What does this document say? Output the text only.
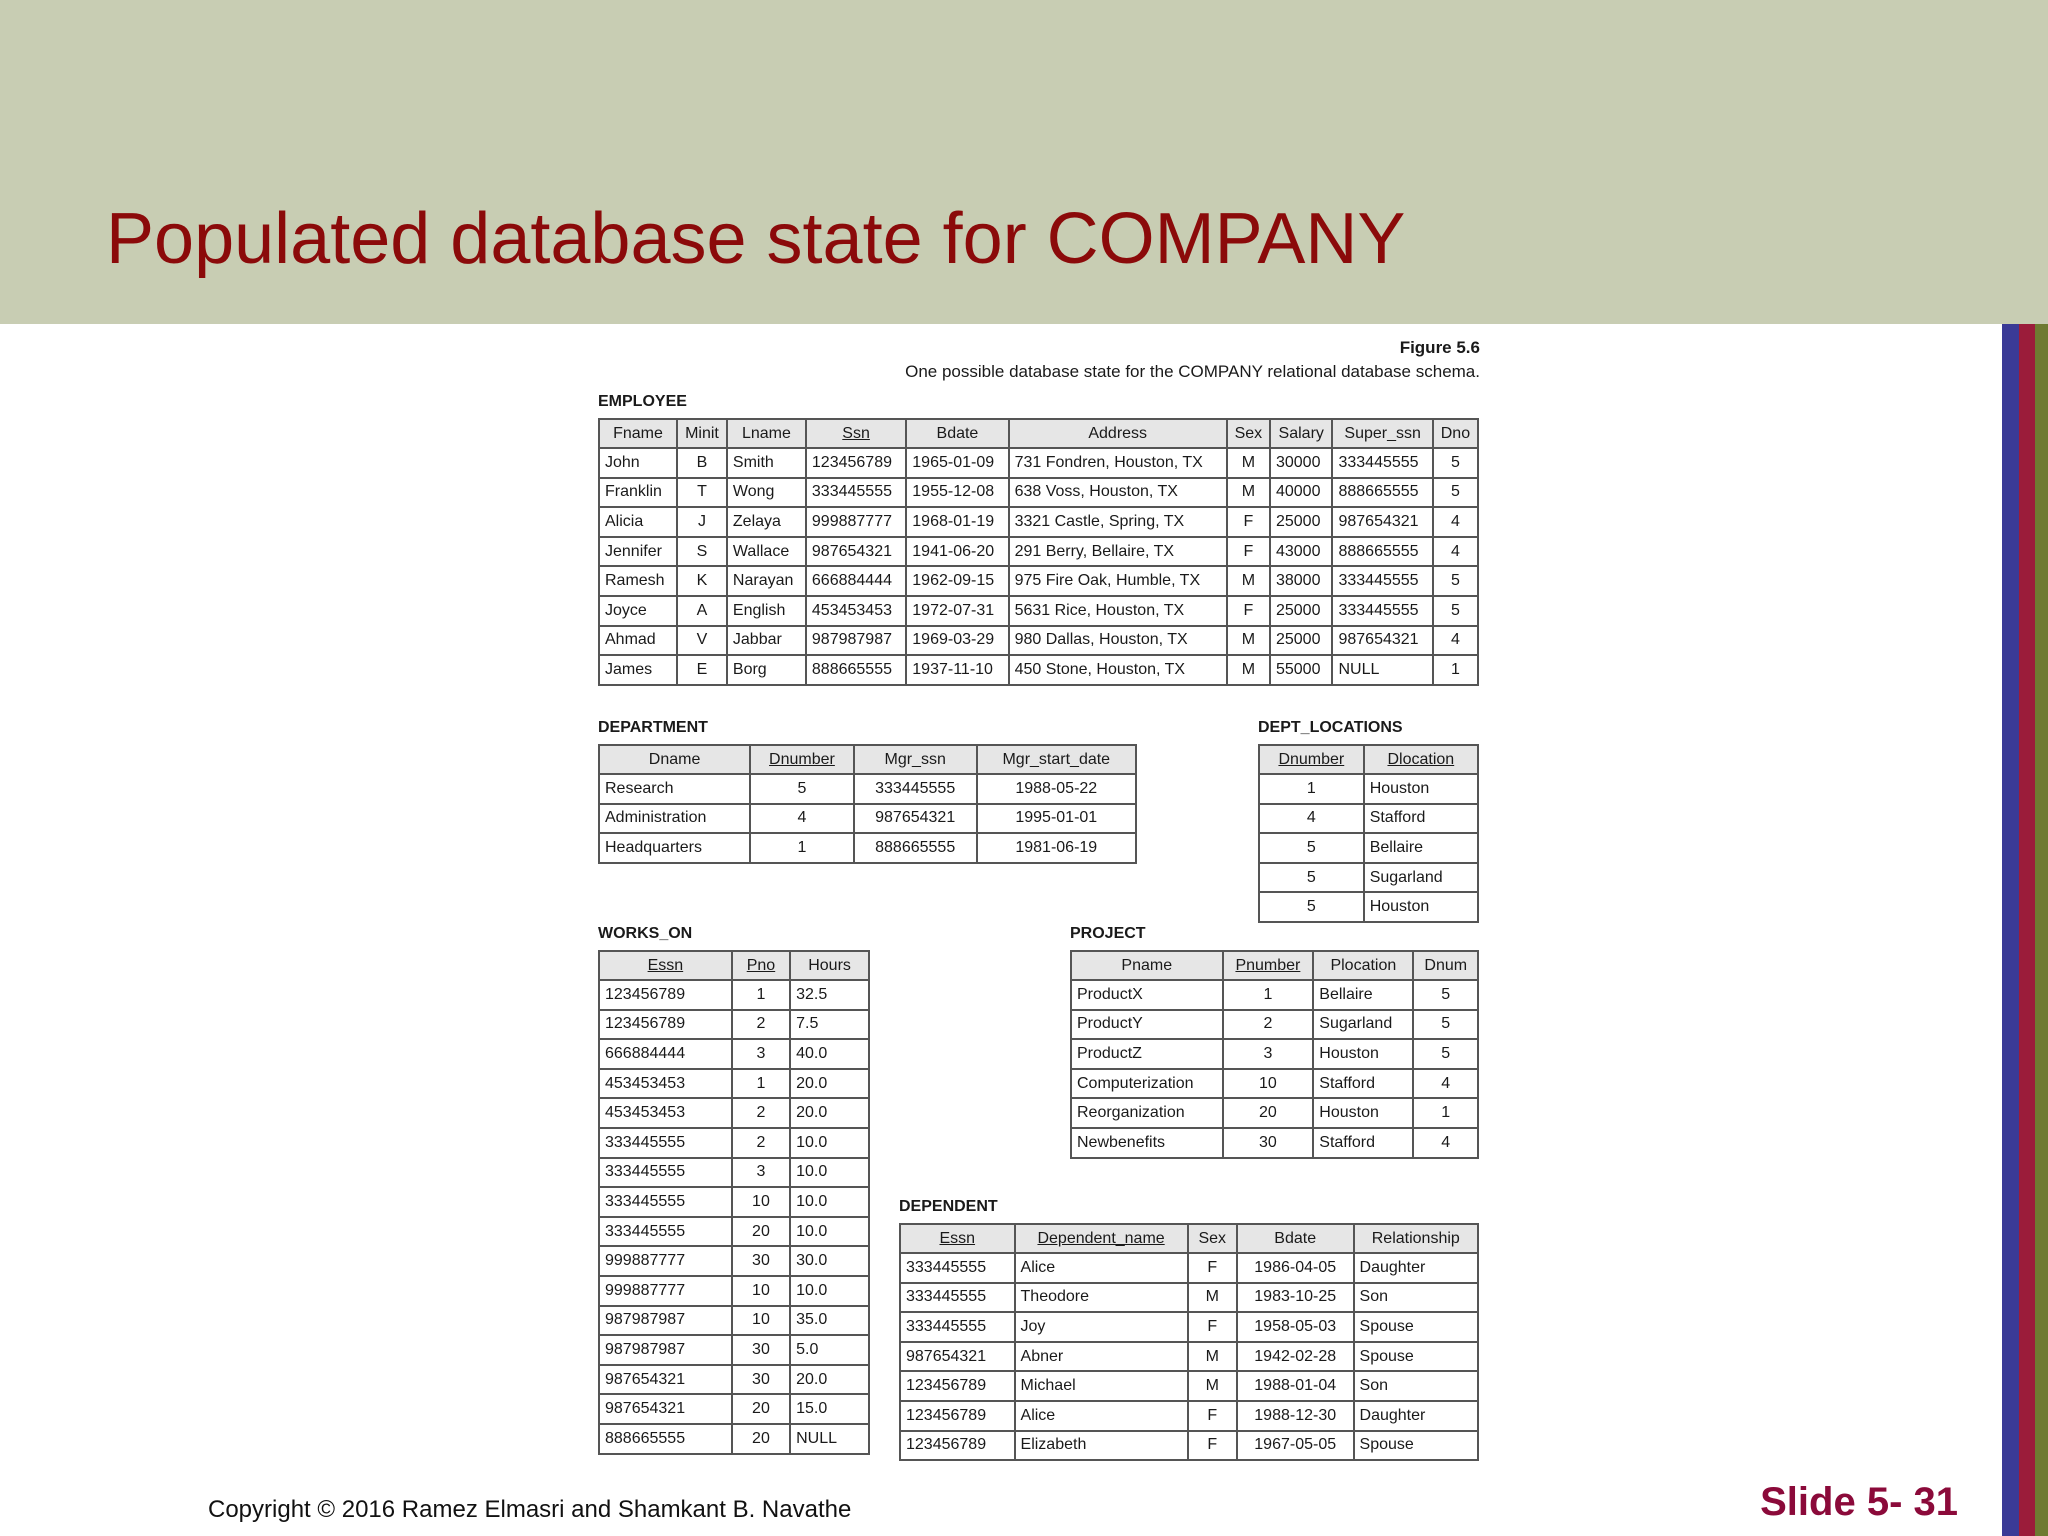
Populated database state for COMPANY
Figure 5.6
One possible database state for the COMPANY relational database schema.
EMPLOYEE
Fname	Minit	Lname	Ssn	Bdate	Address	Sex	Salary	Super_ssn	Dno
John	B	Smith	123456789	1965-01-09	731 Fondren, Houston, TX	M	30000	333445555	5
Franklin	T	Wong	333445555	1955-12-08	638 Voss, Houston, TX	M	40000	888665555	5
Alicia	J	Zelaya	999887777	1968-01-19	3321 Castle, Spring, TX	F	25000	987654321	4
Jennifer	S	Wallace	987654321	1941-06-20	291 Berry, Bellaire, TX	F	43000	888665555	4
Ramesh	K	Narayan	666884444	1962-09-15	975 Fire Oak, Humble, TX	M	38000	333445555	5
Joyce	A	English	453453453	1972-07-31	5631 Rice, Houston, TX	F	25000	333445555	5
Ahmad	V	Jabbar	987987987	1969-03-29	980 Dallas, Houston, TX	M	25000	987654321	4
James	E	Borg	888665555	1937-11-10	450 Stone, Houston, TX	M	55000	NULL	1
DEPARTMENT
Dname	Dnumber	Mgr_ssn	Mgr_start_date
Research	5	333445555	1988-05-22
Administration	4	987654321	1995-01-01
Headquarters	1	888665555	1981-06-19
DEPT_LOCATIONS
Dnumber	Dlocation
1	Houston
4	Stafford
5	Bellaire
5	Sugarland
5	Houston
WORKS_ON
Essn	Pno	Hours
123456789	1	32.5
123456789	2	7.5
666884444	3	40.0
453453453	1	20.0
453453453	2	20.0
333445555	2	10.0
333445555	3	10.0
333445555	10	10.0
333445555	20	10.0
999887777	30	30.0
999887777	10	10.0
987987987	10	35.0
987987987	30	5.0
987654321	30	20.0
987654321	20	15.0
888665555	20	NULL
PROJECT
Pname	Pnumber	Plocation	Dnum
ProductX	1	Bellaire	5
ProductY	2	Sugarland	5
ProductZ	3	Houston	5
Computerization	10	Stafford	4
Reorganization	20	Houston	1
Newbenefits	30	Stafford	4
DEPENDENT
Essn	Dependent_name	Sex	Bdate	Relationship
333445555	Alice	F	1986-04-05	Daughter
333445555	Theodore	M	1983-10-25	Son
333445555	Joy	F	1958-05-03	Spouse
987654321	Abner	M	1942-02-28	Spouse
123456789	Michael	M	1988-01-04	Son
123456789	Alice	F	1988-12-30	Daughter
123456789	Elizabeth	F	1967-05-05	Spouse
Copyright © 2016 Ramez Elmasri and Shamkant B. Navathe	Slide 5- 31
